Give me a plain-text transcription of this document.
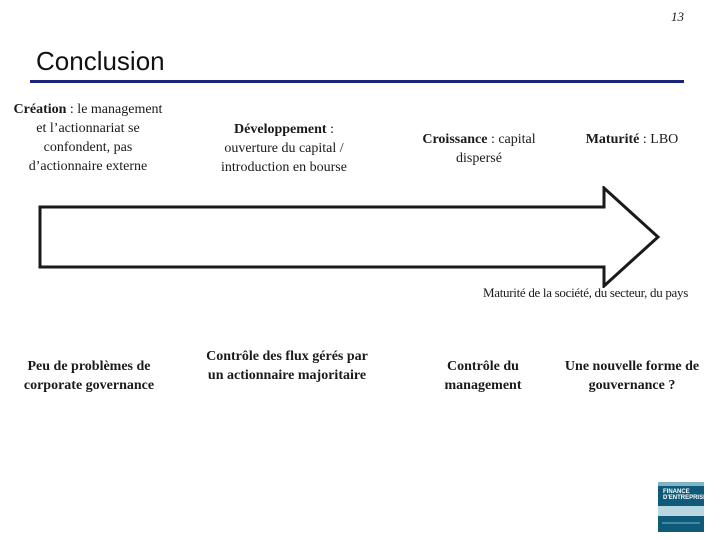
13
Conclusion
Création : le management et l’actionnariat se confondent, pas d’actionnaire externe
Développement : ouverture du capital / introduction en bourse
Croissance : capital dispersé
Maturité : LBO
Maturité de la société, du secteur, du pays
Peu de problèmes de corporate governance
Contrôle des flux gérés par un actionnaire majoritaire
Contrôle du management
Une nouvelle forme de gouvernance ?
FINANCE
D'ENTREPRISE
